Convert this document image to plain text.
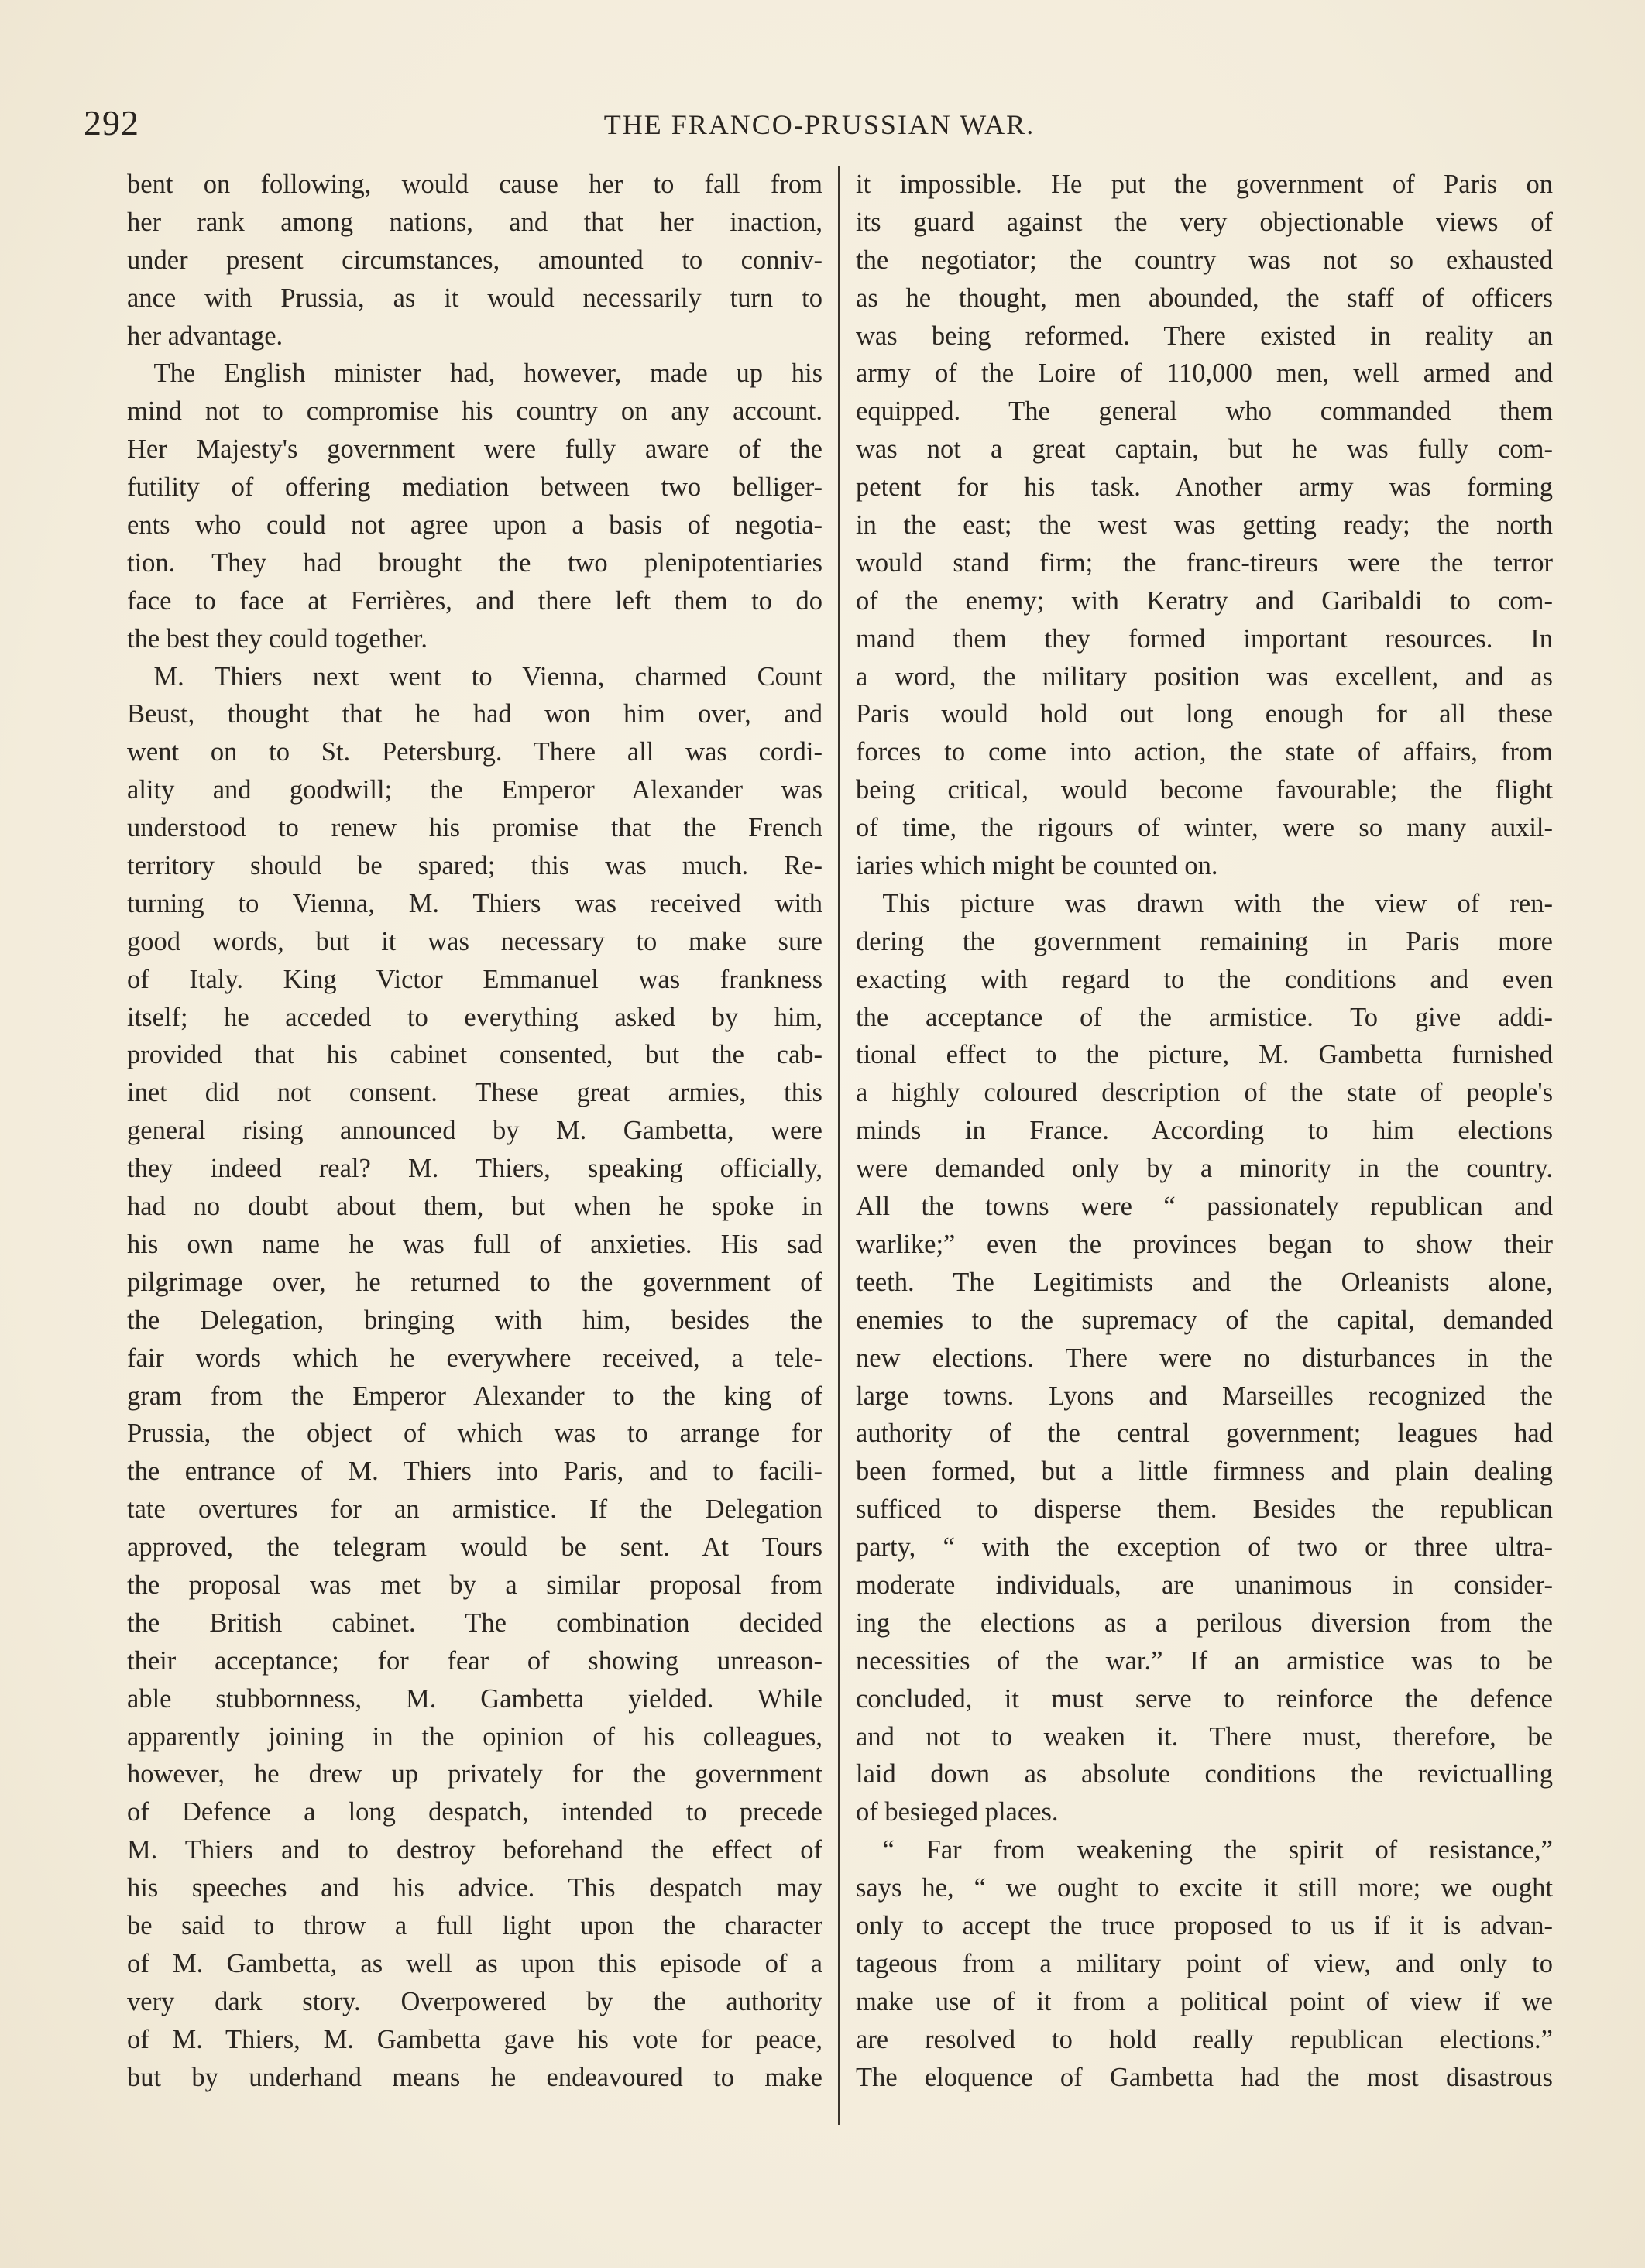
292	THE FRANCO-PRUSSIAN WAR.
bent on following, would cause her to fall from
her rank among nations, and that her inaction,
under present circumstances, amounted to conniv-
ance with Prussia, as it would necessarily turn to
her advantage.
 The English minister had, however, made up his
mind not to compromise his country on any account.
Her Majesty's government were fully aware of the
futility of offering mediation between two belliger-
ents who could not agree upon a basis of negotia-
tion. They had brought the two plenipotentiaries
face to face at Ferrières, and there left them to do
the best they could together.
 M. Thiers next went to Vienna, charmed Count
Beust, thought that he had won him over, and
went on to St. Petersburg. There all was cordi-
ality and goodwill; the Emperor Alexander was
understood to renew his promise that the French
territory should be spared; this was much. Re-
turning to Vienna, M. Thiers was received with
good words, but it was necessary to make sure
of Italy. King Victor Emmanuel was frankness
itself; he acceded to everything asked by him,
provided that his cabinet consented, but the cab-
inet did not consent. These great armies, this
general rising announced by M. Gambetta, were
they indeed real? M. Thiers, speaking officially,
had no doubt about them, but when he spoke in
his own name he was full of anxieties. His sad
pilgrimage over, he returned to the government of
the Delegation, bringing with him, besides the
fair words which he everywhere received, a tele-
gram from the Emperor Alexander to the king of
Prussia, the object of which was to arrange for
the entrance of M. Thiers into Paris, and to facili-
tate overtures for an armistice. If the Delegation
approved, the telegram would be sent. At Tours
the proposal was met by a similar proposal from
the British cabinet. The combination decided
their acceptance; for fear of showing unreason-
able stubbornness, M. Gambetta yielded. While
apparently joining in the opinion of his colleagues,
however, he drew up privately for the government
of Defence a long despatch, intended to precede
M. Thiers and to destroy beforehand the effect of
his speeches and his advice. This despatch may
be said to throw a full light upon the character
of M. Gambetta, as well as upon this episode of a
very dark story. Overpowered by the authority
of M. Thiers, M. Gambetta gave his vote for peace,
but by underhand means he endeavoured to make
it impossible. He put the government of Paris on
its guard against the very objectionable views of
the negotiator; the country was not so exhausted
as he thought, men abounded, the staff of officers
was being reformed. There existed in reality an
army of the Loire of 110,000 men, well armed and
equipped. The general who commanded them
was not a great captain, but he was fully com-
petent for his task. Another army was forming
in the east; the west was getting ready; the north
would stand firm; the franc-tireurs were the terror
of the enemy; with Keratry and Garibaldi to com-
mand them they formed important resources. In
a word, the military position was excellent, and as
Paris would hold out long enough for all these
forces to come into action, the state of affairs, from
being critical, would become favourable; the flight
of time, the rigours of winter, were so many auxil-
iaries which might be counted on.
 This picture was drawn with the view of ren-
dering the government remaining in Paris more
exacting with regard to the conditions and even
the acceptance of the armistice. To give addi-
tional effect to the picture, M. Gambetta furnished
a highly coloured description of the state of people's
minds in France. According to him elections
were demanded only by a minority in the country.
All the towns were “ passionately republican and
warlike;” even the provinces began to show their
teeth. The Legitimists and the Orleanists alone,
enemies to the supremacy of the capital, demanded
new elections. There were no disturbances in the
large towns. Lyons and Marseilles recognized the
authority of the central government; leagues had
been formed, but a little firmness and plain dealing
sufficed to disperse them. Besides the republican
party, “ with the exception of two or three ultra-
moderate individuals, are unanimous in consider-
ing the elections as a perilous diversion from the
necessities of the war.” If an armistice was to be
concluded, it must serve to reinforce the defence
and not to weaken it. There must, therefore, be
laid down as absolute conditions the revictualling
of besieged places.
 “ Far from weakening the spirit of resistance,”
says he, “ we ought to excite it still more; we ought
only to accept the truce proposed to us if it is advan-
tageous from a military point of view, and only to
make use of it from a political point of view if we
are resolved to hold really republican elections.”
The eloquence of Gambetta had the most disastrous
